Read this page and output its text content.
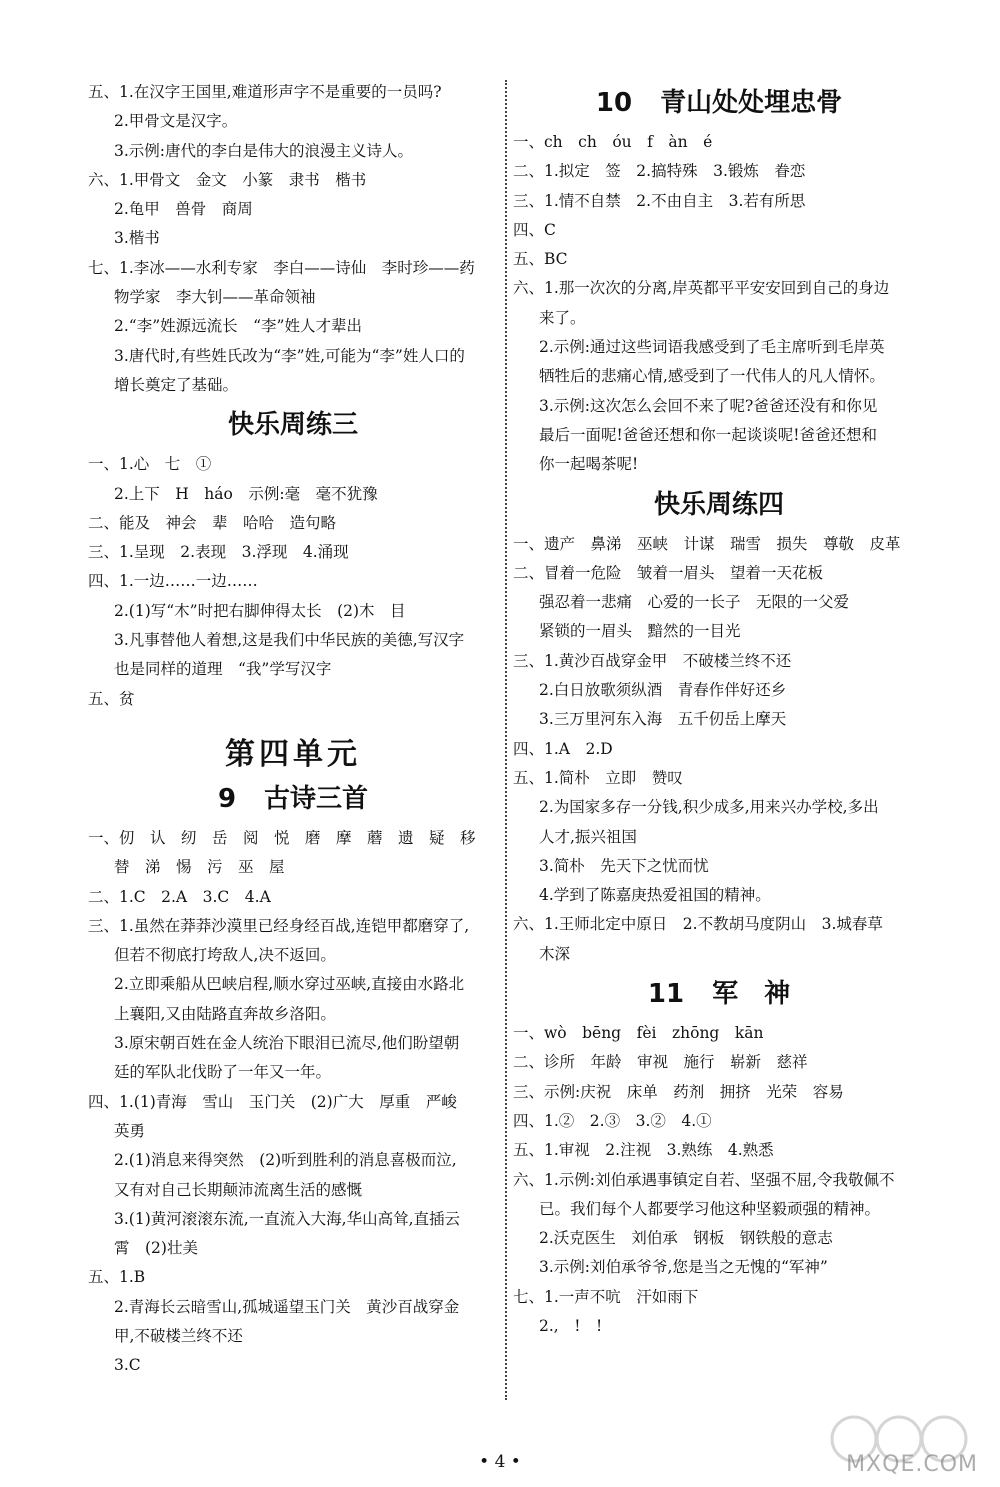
五、1.在汉字王国里,难道形声字不是重要的一员吗?
2.甲骨文是汉字。
3.示例:唐代的李白是伟大的浪漫主义诗人。
六、1.甲骨文　金文　小篆　隶书　楷书
2.龟甲　兽骨　商周
3.楷书
七、1.李冰——水利专家　李白——诗仙　李时珍——药
物学家　李大钊——革命领袖
2.“李”姓源远流长　“李”姓人才辈出
3.唐代时,有些姓氏改为“李”姓,可能为“李”姓人口的
增长奠定了基础。
快乐周练三
一、1.心　七　①
2.上下　H　háo　示例:毫　毫不犹豫
二、能及　神会　辈　哈哈　造句略
三、1.呈现　2.表现　3.浮现　4.涌现
四、1.一边……一边……
2.(1)写“木”时把右脚伸得太长　(2)木　目
3.凡事替他人着想,这是我们中华民族的美德,写汉字
也是同样的道理　“我”学写汉字
五、贫
第四单元
9 古诗三首
一、仞　认　纫　岳　阅　悦　磨　摩　蘑　遗　疑　移
替　涕　惕　污　巫　屋
二、1.C　2.A　3.C　4.A
三、1.虽然在莽莽沙漠里已经身经百战,连铠甲都磨穿了,
但若不彻底打垮敌人,决不返回。
2.立即乘船从巴峡启程,顺水穿过巫峡,直接由水路北
上襄阳,又由陆路直奔故乡洛阳。
3.原宋朝百姓在金人统治下眼泪已流尽,他们盼望朝
廷的军队北伐盼了一年又一年。
四、1.(1)青海　雪山　玉门关　(2)广大　厚重　严峻
英勇
2.(1)消息来得突然　(2)听到胜利的消息喜极而泣,
又有对自己长期颠沛流离生活的感慨
3.(1)黄河滚滚东流,一直流入大海,华山高耸,直插云
霄　(2)壮美
五、1.B
2.青海长云暗雪山,孤城遥望玉门关　黄沙百战穿金
甲,不破楼兰终不还
3.C
10 青山处处埋忠骨
一、ch　ch　óu　f　àn　é
二、1.拟定　签　2.搞特殊　3.锻炼　眷恋
三、1.情不自禁　2.不由自主　3.若有所思
四、C
五、BC
六、1.那一次次的分离,岸英都平平安安回到自己的身边
来了。
2.示例:通过这些词语我感受到了毛主席听到毛岸英
牺牲后的悲痛心情,感受到了一代伟人的凡人情怀。
3.示例:这次怎么会回不来了呢?爸爸还没有和你见
最后一面呢!爸爸还想和你一起谈谈呢!爸爸还想和
你一起喝茶呢!
快乐周练四
一、遗产　鼻涕　巫峡　计谋　瑞雪　损失　尊敬　皮革
二、冒着一危险　皱着一眉头　望着一天花板
强忍着一悲痛　心爱的一长子　无限的一父爱
紧锁的一眉头　黯然的一目光
三、1.黄沙百战穿金甲　不破楼兰终不还
2.白日放歌须纵酒　青春作伴好还乡
3.三万里河东入海　五千仞岳上摩天
四、1.A　2.D
五、1.简朴　立即　赞叹
2.为国家多存一分钱,积少成多,用来兴办学校,多出
人才,振兴祖国
3.简朴　先天下之忧而忧
4.学到了陈嘉庚热爱祖国的精神。
六、1.王师北定中原日　2.不教胡马度阴山　3.城春草
木深
11 军　神
一、wò　bēng　fèi　zhōng　kān
二、诊所　年龄　审视　施行　崭新　慈祥
三、示例:庆祝　床单　药剂　拥挤　光荣　容易
四、1.②　2.③　3.②　4.①
五、1.审视　2.注视　3.熟练　4.熟悉
六、1.示例:刘伯承遇事镇定自若、坚强不屈,令我敬佩不
已。我们每个人都要学习他这种坚毅顽强的精神。
2.沃克医生　刘伯承　钢板　钢铁般的意志
3.示例:刘伯承爷爷,您是当之无愧的“军神”
七、1.一声不吭　汗如雨下
2.,　!　!
• 4 •	MXQE.COM
